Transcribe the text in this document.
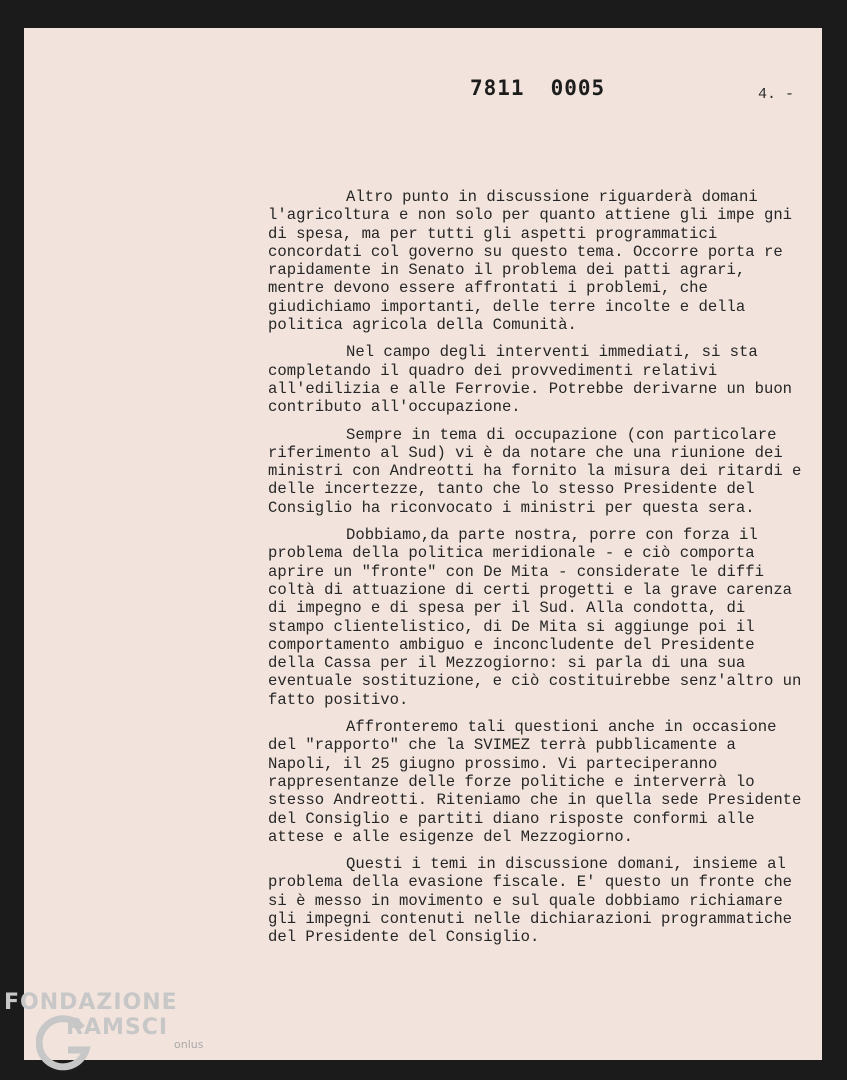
7811 0005	4. -

Altro punto in discussione riguarderà domani l'agricoltura e non solo per quanto attiene gli impe gni di spesa, ma per tutti gli aspetti programmatici concordati col governo su questo tema. Occorre porta re rapidamente in Senato il problema dei patti agrari, mentre devono essere affrontati i problemi, che giudichiamo importanti, delle terre incolte e della politica agricola della Comunità.

Nel campo degli interventi immediati, si sta completando il quadro dei provvedimenti relativi all'edilizia e alle Ferrovie. Potrebbe derivarne un buon contributo all'occupazione.

Sempre in tema di occupazione (con particolare riferimento al Sud) vi è da notare che una riunione dei ministri con Andreotti ha fornito la misura dei ritardi e delle incertezze, tanto che lo stesso Presidente del Consiglio ha riconvocato i ministri per questa sera.

Dobbiamo,da parte nostra, porre con forza il problema della politica meridionale - e ciò comporta aprire un "fronte" con De Mita - considerate le diffi coltà di attuazione di certi progetti e la grave carenza di impegno e di spesa per il Sud. Alla condotta, di stampo clientelistico, di De Mita si aggiunge poi il comportamento ambiguo e inconcludente del Presidente della Cassa per il Mezzogiorno: si parla di una sua eventuale sostituzione, e ciò costituirebbe senz'altro un fatto positivo.

Affronteremo tali questioni anche in occasione del "rapporto" che la SVIMEZ terrà pubblicamente a Napoli, il 25 giugno prossimo. Vi parteciperanno rappresentanze delle forze politiche e interverrà lo stesso Andreotti. Riteniamo che in quella sede Presidente del Consiglio e partiti diano risposte conformi alle attese e alle esigenze del Mezzogiorno.

Questi i temi in discussione domani, insieme al problema della evasione fiscale. E' questo un fronte che si è messo in movimento e sul quale dobbiamo richiamare gli impegni contenuti nelle dichiarazioni programmatiche del Presidente del Consiglio.

FONDAZIONE
RAMSCI
onlus
